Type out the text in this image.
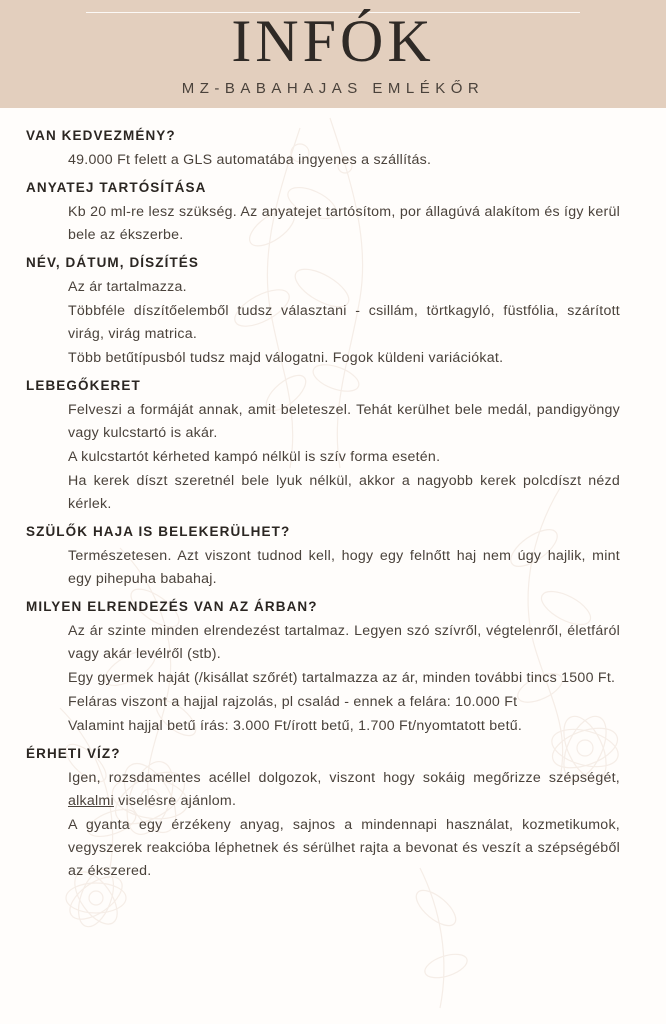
INFÓK
MZ-BABAHAJAS EMLÉKŐR
VAN KEDVEZMÉNY?

49.000 Ft felett a GLS automatába ingyenes a szállítás.

ANYATEJ TARTÓSÍTÁSA

Kb 20 ml-re lesz szükség. Az anyatejet tartósítom, por állagúvá alakítom és így kerül bele az ékszerbe.

NÉV, DÁTUM, DÍSZÍTÉS

Az ár tartalmazza.

Többféle díszítőelemből tudsz választani - csillám, törtkagyló, füstfólia, szárított virág, virág matrica.

Több betűtípusból tudsz majd válogatni. Fogok küldeni variációkat.

LEBEGŐKERET

Felveszi a formáját annak, amit beleteszel. Tehát kerülhet bele medál, pandigyöngy vagy kulcstartó is akár.

A kulcstartót kérheted kampó nélkül is szív forma esetén.

Ha kerek díszt szeretnél bele lyuk nélkül, akkor a nagyobb kerek polcdíszt nézd kérlek.

SZÜLŐK HAJA IS BELEKERÜLHET?

Természetesen. Azt viszont tudnod kell, hogy egy felnőtt haj nem úgy hajlik, mint egy pihepuha babahaj.

MILYEN ELRENDEZÉS VAN AZ ÁRBAN?

Az ár szinte minden elrendezést tartalmaz. Legyen szó szívről, végtelenről, életfáról vagy akár levélről (stb).

Egy gyermek haját (/kisállat szőrét) tartalmazza az ár, minden további tincs 1500 Ft.

Feláras viszont a hajjal rajzolás, pl család - ennek a felára: 10.000 Ft

Valamint hajjal betű írás: 3.000 Ft/írott betű, 1.700 Ft/nyomtatott betű.

ÉRHETI VÍZ?

Igen, rozsdamentes acéllel dolgozok, viszont hogy sokáig megőrizze szépségét, alkalmi viselésre ajánlom.

A gyanta egy érzékeny anyag, sajnos a mindennapi használat, kozmetikumok, vegyszerek reakcióba léphetnek és sérülhet rajta a bevonat és veszít a szépségéből az ékszered.
